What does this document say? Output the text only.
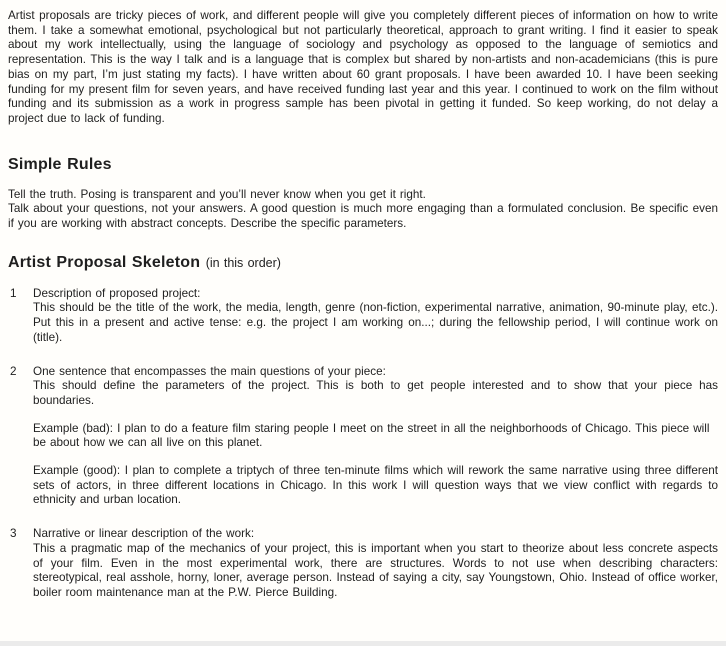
Artist proposals are tricky pieces of work, and different people will give you completely different pieces of information on how to write them. I take a somewhat emotional, psychological but not particularly theoretical, approach to grant writing. I find it easier to speak about my work intellectually, using the language of sociology and psychology as opposed to the language of semiotics and representation. This is the way I talk and is a language that is complex but shared by non-artists and non-academicians (this is pure bias on my part, I’m just stating my facts). I have written about 60 grant proposals. I have been awarded 10. I have been seeking funding for my present film for seven years, and have received funding last year and this year. I continued to work on the film without funding and its submission as a work in progress sample has been pivotal in getting it funded. So keep working, do not delay a project due to lack of funding.

Simple Rules

Tell the truth. Posing is transparent and you’ll never know when you get it right.

Talk about your questions, not your answers. A good question is much more engaging than a formulated conclusion. Be specific even if you are working with abstract concepts. Describe the specific parameters.

Artist Proposal Skeleton (in this order)
1 Description of proposed project:

This should be the title of the work, the media, length, genre (non-fiction, experimental narrative, animation, 90-minute play, etc.). Put this in a present and active tense: e.g. the project I am working on...; during the fellowship period, I will continue work on (title).

2 One sentence that encompasses the main questions of your piece:

This should define the parameters of the project. This is both to get people interested and to show that your piece has boundaries.

Example (bad): I plan to do a feature film staring people I meet on the street in all the neighborhoods of Chicago. This piece will be about how we can all live on this planet.

Example (good): I plan to complete a triptych of three ten-minute films which will rework the same narrative using three different sets of actors, in three different locations in Chicago. In this work I will question ways that we view conflict with regards to ethnicity and urban location.

3 Narrative or linear description of the work:

This a pragmatic map of the mechanics of your project, this is important when you start to theorize about less concrete aspects of your film. Even in the most experimental work, there are structures. Words to not use when describing characters: stereotypical, real asshole, horny, loner, average person. Instead of saying a city, say Youngstown, Ohio. Instead of office worker, boiler room maintenance man at the P.W. Pierce Building.
